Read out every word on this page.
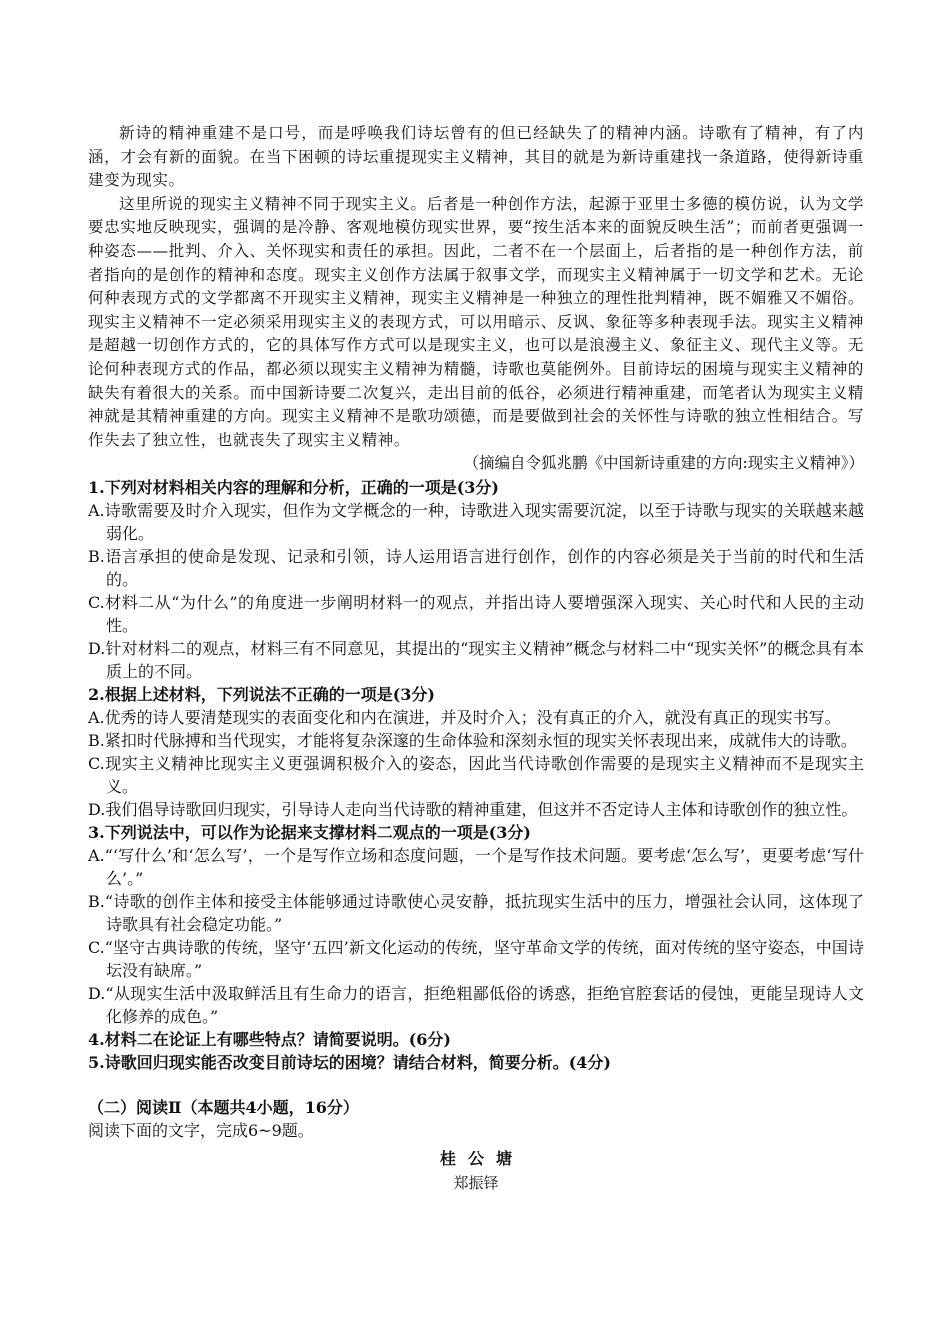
新诗的精神重建不是口号，而是呼唤我们诗坛曾有的但已经缺失了的精神内涵。诗歌有了精神，有了内涵，才会有新的面貌。在当下困顿的诗坛重提现实主义精神，其目的就是为新诗重建找一条道路，使得新诗重建变为现实。

这里所说的现实主义精神不同于现实主义。后者是一种创作方法，起源于亚里士多德的模仿说，认为文学要忠实地反映现实，强调的是冷静、客观地模仿现实世界，要“按生活本来的面貌反映生活”；而前者更强调一种姿态——批判、介入、关怀现实和责任的承担。因此，二者不在一个层面上，后者指的是一种创作方法，前者指向的是创作的精神和态度。现实主义创作方法属于叙事文学，而现实主义精神属于一切文学和艺术。无论何种表现方式的文学都离不开现实主义精神，现实主义精神是一种独立的理性批判精神，既不媚雅又不媚俗。现实主义精神不一定必须采用现实主义的表现方式，可以用暗示、反讽、象征等多种表现手法。现实主义精神是超越一切创作方式的，它的具体写作方式可以是现实主义，也可以是浪漫主义、象征主义、现代主义等。无论何种表现方式的作品，都必须以现实主义精神为精髓，诗歌也莫能例外。目前诗坛的困境与现实主义精神的缺失有着很大的关系。而中国新诗要二次复兴，走出目前的低谷，必须进行精神重建，而笔者认为现实主义精神就是其精神重建的方向。现实主义精神不是歌功颂德，而是要做到社会的关怀性与诗歌的独立性相结合。写作失去了独立性，也就丧失了现实主义精神。

（摘编自令狐兆鹏《中国新诗重建的方向:现实主义精神》）

1.下列对材料相关内容的理解和分析，正确的一项是(3分)

A.诗歌需要及时介入现实，但作为文学概念的一种，诗歌进入现实需要沉淀，以至于诗歌与现实的关联越来越弱化。

B.语言承担的使命是发现、记录和引领，诗人运用语言进行创作，创作的内容必须是关于当前的时代和生活的。

C.材料二从“为什么”的角度进一步阐明材料一的观点，并指出诗人要增强深入现实、关心时代和人民的主动性。

D.针对材料二的观点，材料三有不同意见，其提出的“现实主义精神”概念与材料二中“现实关怀”的概念具有本质上的不同。

2.根据上述材料，下列说法不正确的一项是(3分)

A.优秀的诗人要清楚现实的表面变化和内在演进，并及时介入；没有真正的介入，就没有真正的现实书写。

B.紧扣时代脉搏和当代现实，才能将复杂深邃的生命体验和深刻永恒的现实关怀表现出来，成就伟大的诗歌。

C.现实主义精神比现实主义更强调积极介入的姿态，因此当代诗歌创作需要的是现实主义精神而不是现实主义。

D.我们倡导诗歌回归现实，引导诗人走向当代诗歌的精神重建，但这并不否定诗人主体和诗歌创作的独立性。

3.下列说法中，可以作为论据来支撑材料二观点的一项是(3分)

A.“‘写什么’和‘怎么写’，一个是写作立场和态度问题，一个是写作技术问题。要考虑‘怎么写’，更要考虑‘写什么’。”

B.“诗歌的创作主体和接受主体能够通过诗歌使心灵安静，抵抗现实生活中的压力，增强社会认同，这体现了诗歌具有社会稳定功能。”

C.“坚守古典诗歌的传统，坚守‘五四’新文化运动的传统，坚守革命文学的传统，面对传统的坚守姿态，中国诗坛没有缺席。”

D.“从现实生活中汲取鲜活且有生命力的语言，拒绝粗鄙低俗的诱惑，拒绝官腔套话的侵蚀，更能呈现诗人文化修养的成色。”

4.材料二在论证上有哪些特点？请简要说明。(6分)

5.诗歌回归现实能否改变目前诗坛的困境？请结合材料，简要分析。(4分)

（二）阅读Ⅱ（本题共4小题，16分）

阅读下面的文字，完成6~9题。

桂公塘

郑振铎
